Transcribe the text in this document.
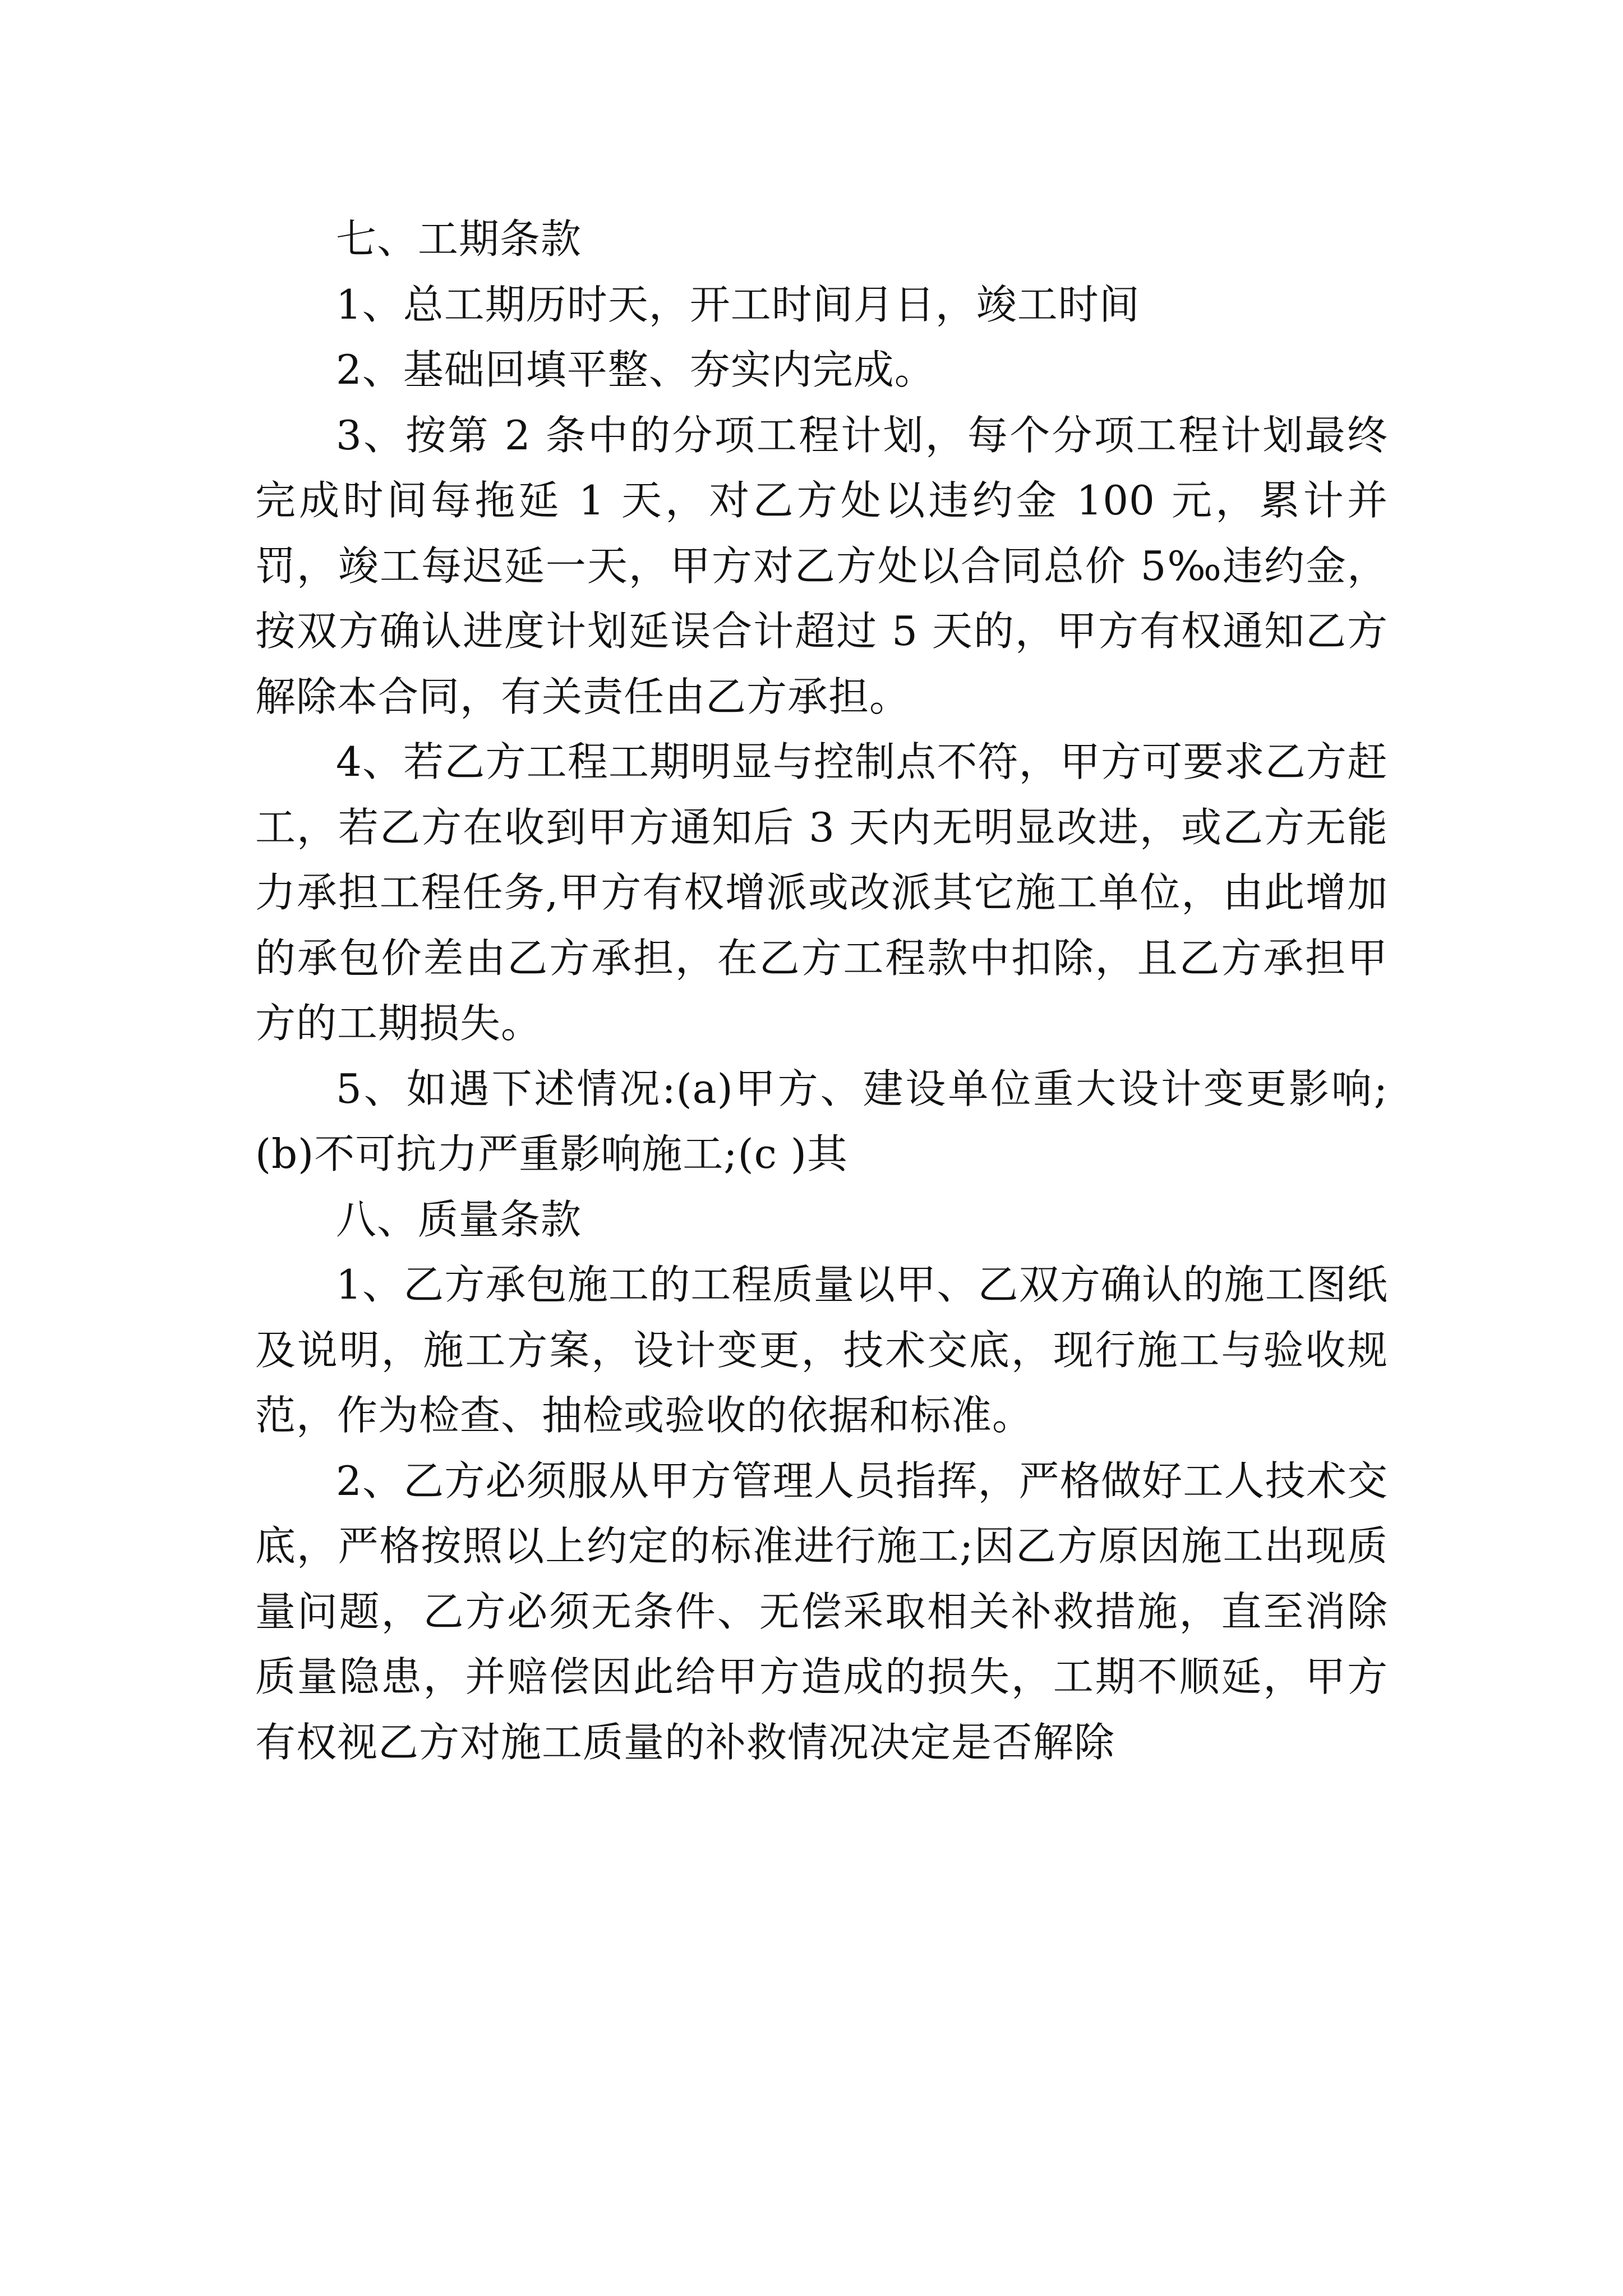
七、工期条款

1、总工期历时天，开工时间月日，竣工时间

2、基础回填平整、夯实内完成。

3、按第 2 条中的分项工程计划，每个分项工程计划最终完成时间每拖延 1 天，对乙方处以违约金 100 元，累计并罚，竣工每迟延一天，甲方对乙方处以合同总价 5‰违约金，按双方确认进度计划延误合计超过 5 天的，甲方有权通知乙方解除本合同，有关责任由乙方承担。

4、若乙方工程工期明显与控制点不符，甲方可要求乙方赶工，若乙方在收到甲方通知后 3 天内无明显改进，或乙方无能力承担工程任务,甲方有权增派或改派其它施工单位，由此增加的承包价差由乙方承担，在乙方工程款中扣除，且乙方承担甲方的工期损失。

5、如遇下述情况:(a)甲方、建设单位重大设计变更影响;(b)不可抗力严重影响施工;(c )其

八、质量条款

1、乙方承包施工的工程质量以甲、乙双方确认的施工图纸及说明，施工方案，设计变更，技术交底，现行施工与验收规范，作为检查、抽检或验收的依据和标准。

2、乙方必须服从甲方管理人员指挥，严格做好工人技术交底，严格按照以上约定的标准进行施工;因乙方原因施工出现质量问题，乙方必须无条件、无偿采取相关补救措施，直至消除质量隐患，并赔偿因此给甲方造成的损失，工期不顺延，甲方有权视乙方对施工质量的补救情况决定是否解除
